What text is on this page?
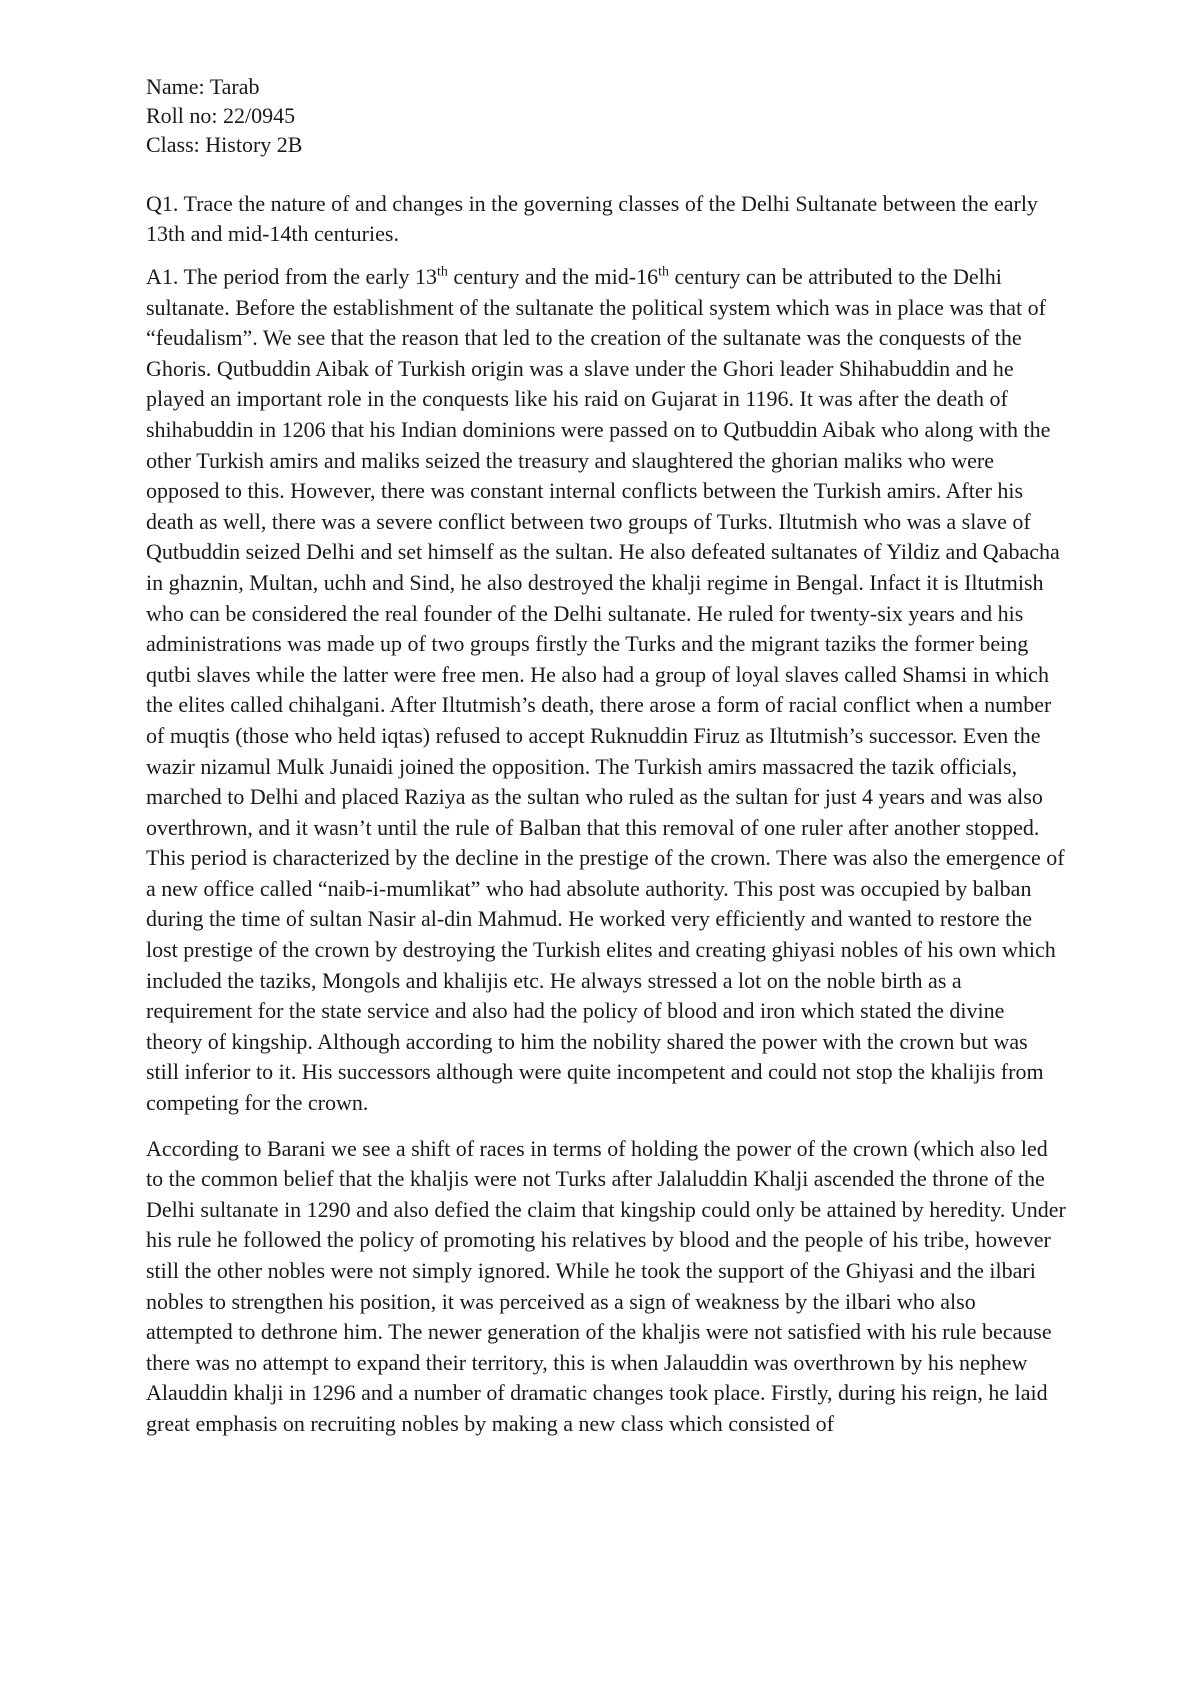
Name: Tarab
Roll no: 22/0945
Class: History 2B

Q1. Trace the nature of and changes in the governing classes of the Delhi Sultanate between the early 13th and mid-14th centuries.

A1. The period from the early 13th century and the mid-16th century can be attributed to the Delhi sultanate. Before the establishment of the sultanate the political system which was in place was that of “feudalism”. We see that the reason that led to the creation of the sultanate was the conquests of the Ghoris. Qutbuddin Aibak of Turkish origin was a slave under the Ghori leader Shihabuddin and he played an important role in the conquests like his raid on Gujarat in 1196. It was after the death of shihabuddin in 1206 that his Indian dominions were passed on to Qutbuddin Aibak who along with the other Turkish amirs and maliks seized the treasury and slaughtered the ghorian maliks who were opposed to this. However, there was constant internal conflicts between the Turkish amirs. After his death as well, there was a severe conflict between two groups of Turks. Iltutmish who was a slave of Qutbuddin seized Delhi and set himself as the sultan. He also defeated sultanates of Yildiz and Qabacha in ghaznin, Multan, uchh and Sind, he also destroyed the khalji regime in Bengal. Infact it is Iltutmish who can be considered the real founder of the Delhi sultanate. He ruled for twenty-six years and his administrations was made up of two groups firstly the Turks and the migrant taziks the former being qutbi slaves while the latter were free men. He also had a group of loyal slaves called Shamsi in which the elites called chihalgani. After Iltutmish’s death, there arose a form of racial conflict when a number of muqtis (those who held iqtas) refused to accept Ruknuddin Firuz as Iltutmish’s successor. Even the wazir nizamul Mulk Junaidi joined the opposition. The Turkish amirs massacred the tazik officials, marched to Delhi and placed Raziya as the sultan who ruled as the sultan for just 4 years and was also overthrown, and it wasn’t until the rule of Balban that this removal of one ruler after another stopped. This period is characterized by the decline in the prestige of the crown. There was also the emergence of a new office called “naib-i-mumlikat” who had absolute authority. This post was occupied by balban during the time of sultan Nasir al-din Mahmud. He worked very efficiently and wanted to restore the lost prestige of the crown by destroying the Turkish elites and creating ghiyasi nobles of his own which included the taziks, Mongols and khalijis etc. He always stressed a lot on the noble birth as a requirement for the state service and also had the policy of blood and iron which stated the divine theory of kingship. Although according to him the nobility shared the power with the crown but was still inferior to it. His successors although were quite incompetent and could not stop the khalijis from competing for the crown.

According to Barani we see a shift of races in terms of holding the power of the crown (which also led to the common belief that the khaljis were not Turks after Jalaluddin Khalji ascended the throne of the Delhi sultanate in 1290 and also defied the claim that kingship could only be attained by heredity. Under his rule he followed the policy of promoting his relatives by blood and the people of his tribe, however still the other nobles were not simply ignored. While he took the support of the Ghiyasi and the ilbari nobles to strengthen his position, it was perceived as a sign of weakness by the ilbari who also attempted to dethrone him. The newer generation of the khaljis were not satisfied with his rule because there was no attempt to expand their territory, this is when Jalauddin was overthrown by his nephew Alauddin khalji in 1296 and a number of dramatic changes took place. Firstly, during his reign, he laid great emphasis on recruiting nobles by making a new class which consisted of
